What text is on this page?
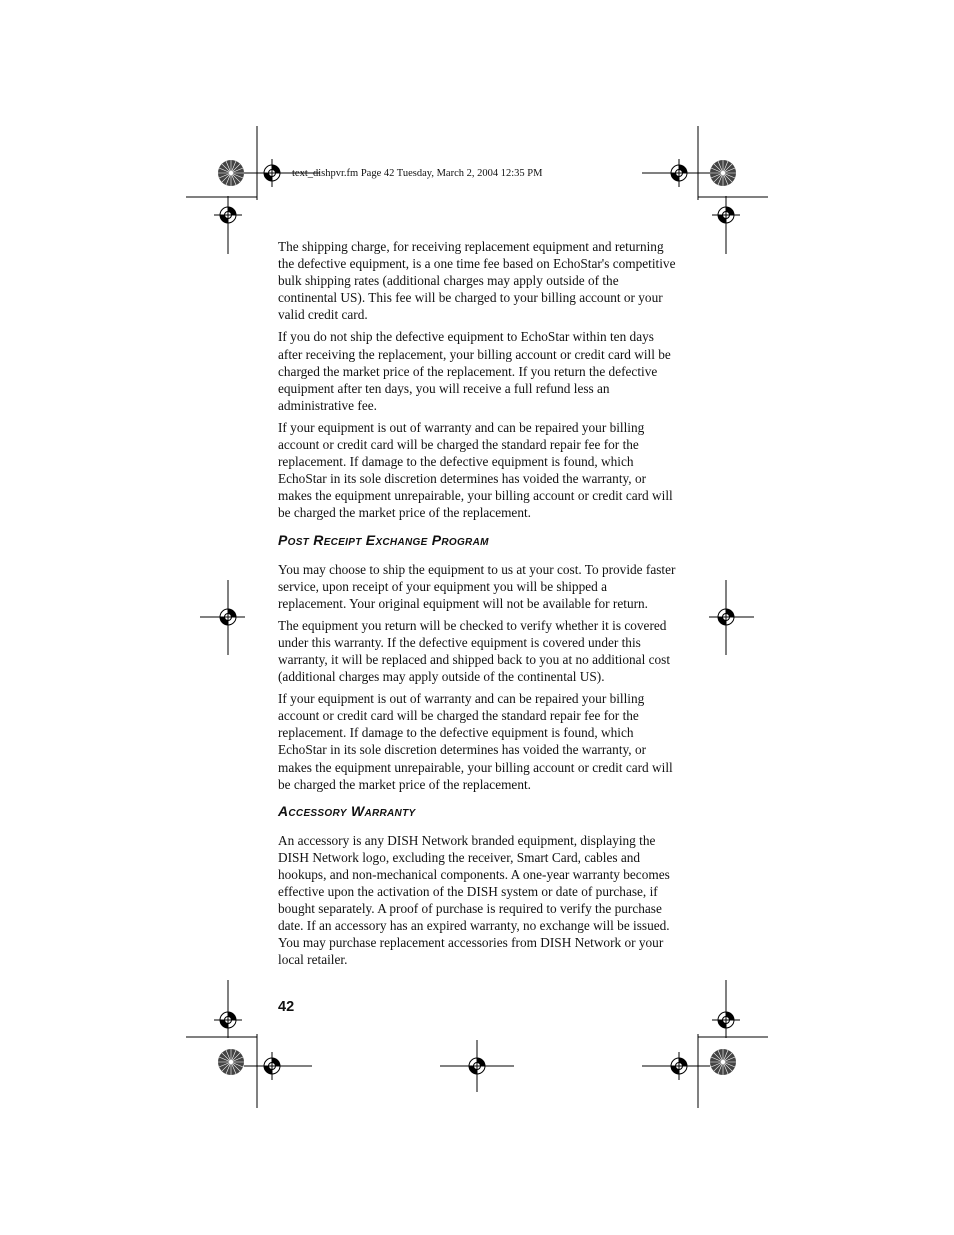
text_dishpvr.fm Page 42 Tuesday, March 2, 2004 12:35 PM

The shipping charge, for receiving replacement equipment and returning the defective equipment, is a one time fee based on EchoStar's competitive bulk shipping rates (additional charges may apply outside of the continental US). This fee will be charged to your billing account or your valid credit card.

If you do not ship the defective equipment to EchoStar within ten days after receiving the replacement, your billing account or credit card will be charged the market price of the replacement. If you return the defective equipment after ten days, you will receive a full refund less an administrative fee.

If your equipment is out of warranty and can be repaired your billing account or credit card will be charged the standard repair fee for the replacement. If damage to the defective equipment is found, which EchoStar in its sole discretion determines has voided the warranty, or makes the equipment unrepairable, your billing account or credit card will be charged the market price of the replacement.

Post Receipt Exchange Program

You may choose to ship the equipment to us at your cost. To provide faster service, upon receipt of your equipment you will be shipped a replacement. Your original equipment will not be available for return.

The equipment you return will be checked to verify whether it is covered under this warranty. If the defective equipment is covered under this warranty, it will be replaced and shipped back to you at no additional cost (additional charges may apply outside of the continental US).

If your equipment is out of warranty and can be repaired your billing account or credit card will be charged the standard repair fee for the replacement. If damage to the defective equipment is found, which EchoStar in its sole discretion determines has voided the warranty, or makes the equipment unrepairable, your billing account or credit card will be charged the market price of the replacement.

Accessory Warranty

An accessory is any DISH Network branded equipment, displaying the DISH Network logo, excluding the receiver, Smart Card, cables and hookups, and non-mechanical components. A one-year warranty becomes effective upon the activation of the DISH system or date of purchase, if bought separately. A proof of purchase is required to verify the purchase date. If an accessory has an expired warranty, no exchange will be issued. You may purchase replacement accessories from DISH Network or your local retailer.

42
